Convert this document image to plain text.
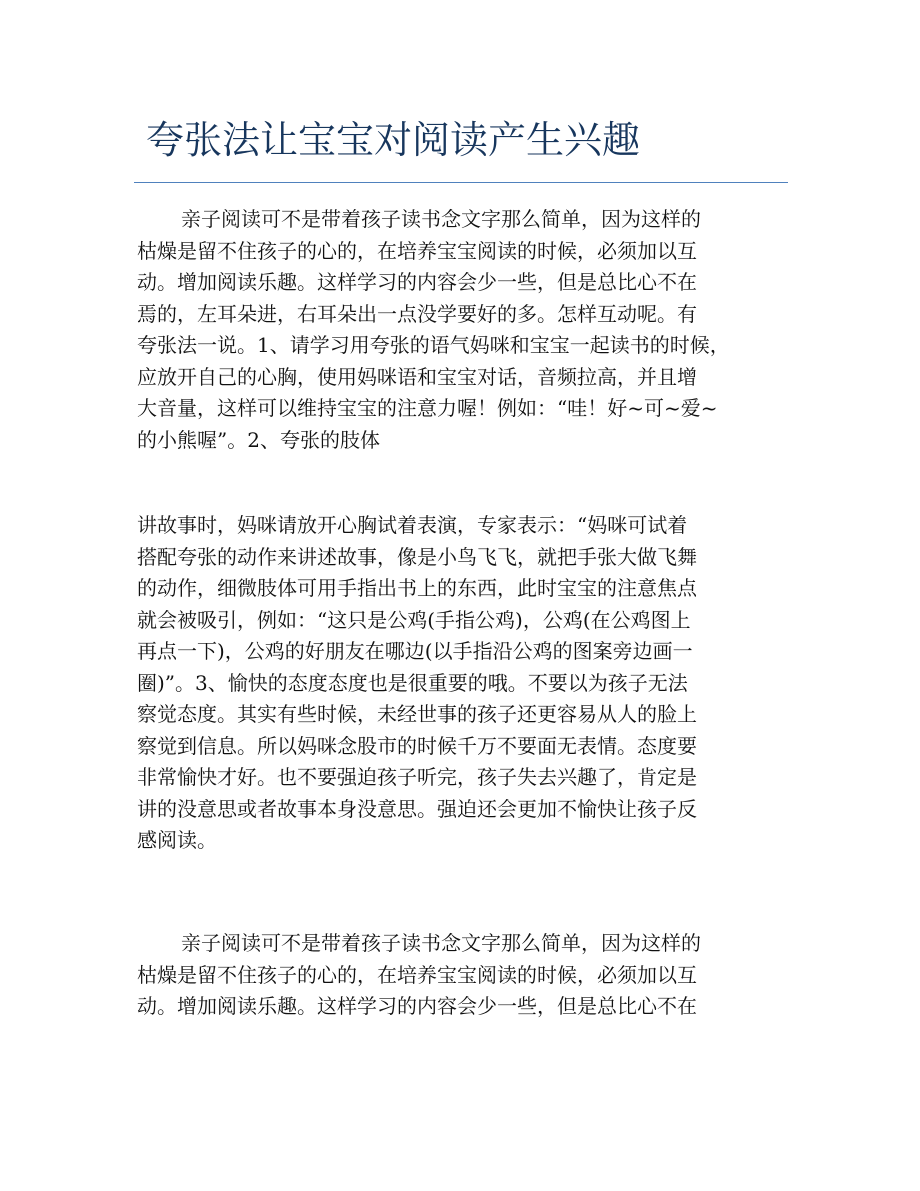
夸张法让宝宝对阅读产生兴趣
亲子阅读可不是带着孩子读书念文字那么简单，因为这样的
枯燥是留不住孩子的心的，在培养宝宝阅读的时候，必须加以互
动。增加阅读乐趣。这样学习的内容会少一些，但是总比心不在
焉的，左耳朵进，右耳朵出一点没学要好的多。怎样互动呢。有
夸张法一说。1、请学习用夸张的语气妈咪和宝宝一起读书的时候，
应放开自己的心胸，使用妈咪语和宝宝对话，音频拉高，并且增
大音量，这样可以维持宝宝的注意力喔！例如：“哇！好~可~爱~
的小熊喔”。2、夸张的肢体
讲故事时，妈咪请放开心胸试着表演，专家表示：“妈咪可试着
搭配夸张的动作来讲述故事，像是小鸟飞飞，就把手张大做飞舞
的动作，细微肢体可用手指出书上的东西，此时宝宝的注意焦点
就会被吸引，例如：“这只是公鸡(手指公鸡)，公鸡(在公鸡图上
再点一下)，公鸡的好朋友在哪边(以手指沿公鸡的图案旁边画一
圈)”。3、愉快的态度态度也是很重要的哦。不要以为孩子无法
察觉态度。其实有些时候，未经世事的孩子还更容易从人的脸上
察觉到信息。所以妈咪念股市的时候千万不要面无表情。态度要
非常愉快才好。也不要强迫孩子听完，孩子失去兴趣了，肯定是
讲的没意思或者故事本身没意思。强迫还会更加不愉快让孩子反
感阅读。
亲子阅读可不是带着孩子读书念文字那么简单，因为这样的
枯燥是留不住孩子的心的，在培养宝宝阅读的时候，必须加以互
动。增加阅读乐趣。这样学习的内容会少一些，但是总比心不在
